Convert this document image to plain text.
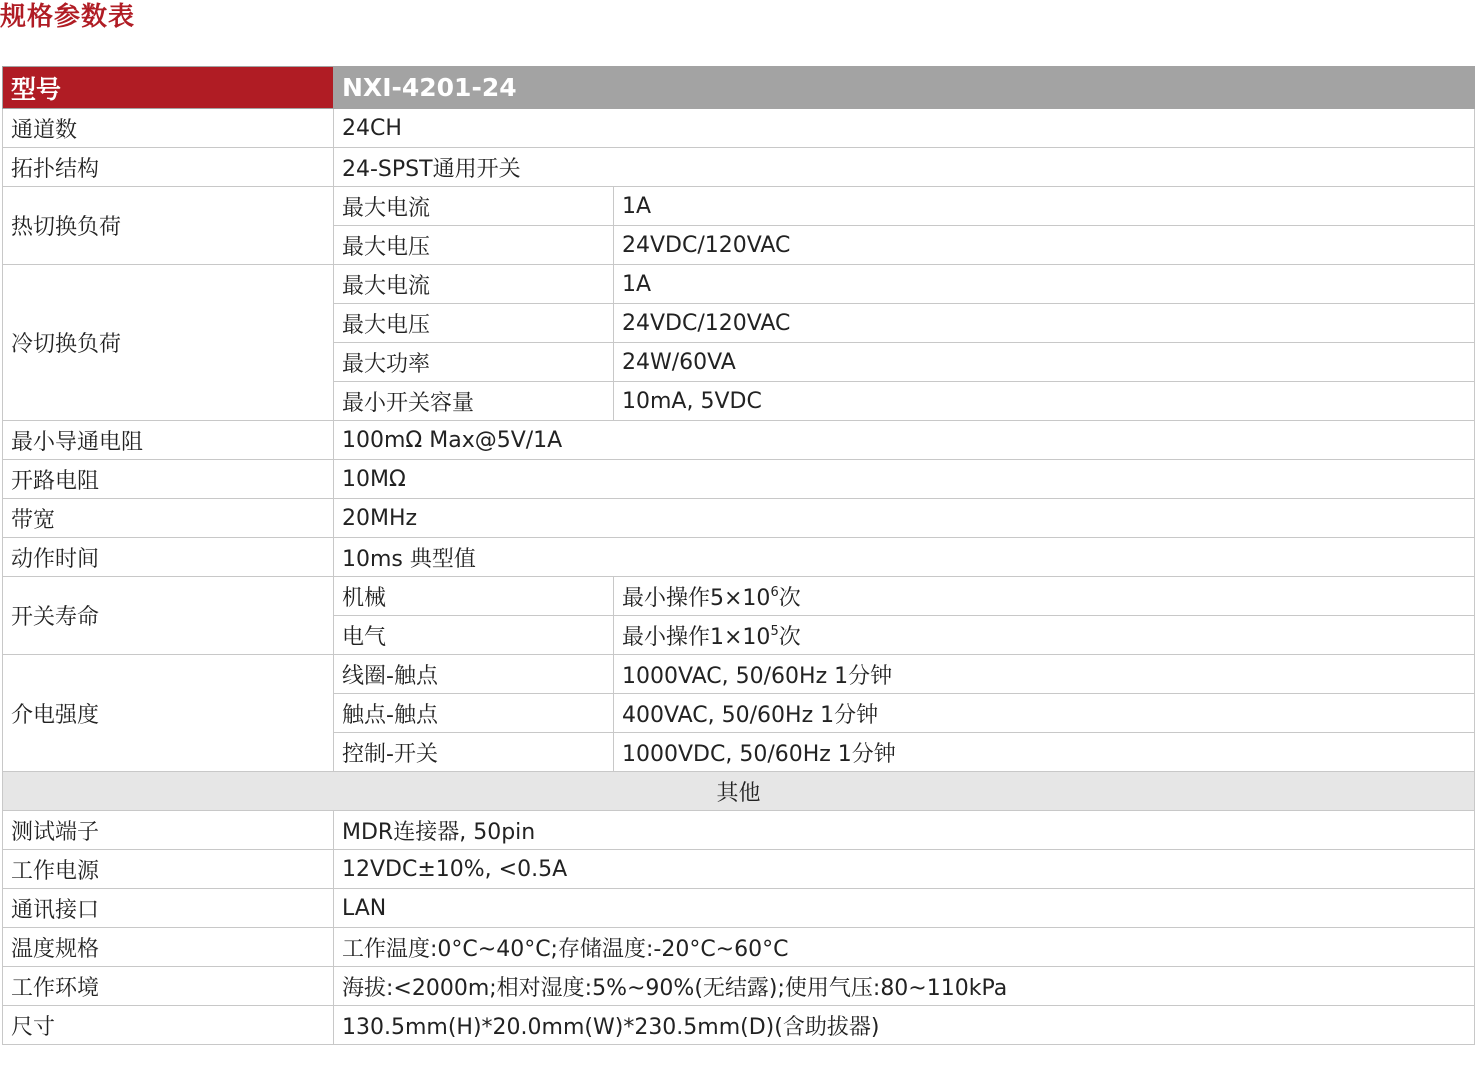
规格参数表
型号	NXI-4201-24	
通道数	24CH	
拓扑结构	24-SPST通用开关	
热切换负荷	最大电流	1A
	最大电压	24VDC/120VAC
冷切换负荷	最大电流	1A
	最大电压	24VDC/120VAC
	最大功率	24W/60VA
	最小开关容量	10mA, 5VDC
最小导通电阻	100mΩ Max@5V/1A	
开路电阻	10MΩ	
带宽	20MHz	
动作时间	10ms 典型值	
开关寿命	机械	最小操作$5\times 10^6$次
	电气	最小操作$1\times 10^5$次
介电强度	线圈-触点	1000VAC, 50/60Hz 1分钟
	触点-触点	400VAC, 50/60Hz 1分钟
	控制-开关	1000VDC, 50/60Hz 1分钟
其他		
测试端子	MDR连接器, 50pin	
工作电源	12VDC±10%, <0.5A	
通讯接口	LAN	
温度规格	工作温度:0°C~40°C;存储温度:-20°C~60°C	
工作环境	海拔:<2000m;相对湿度:5%~90%(无结露);使用气压:80~110kPa	
尺寸	130.5mm(H)*20.0mm(W)*230.5mm(D)(含助拔器)	
